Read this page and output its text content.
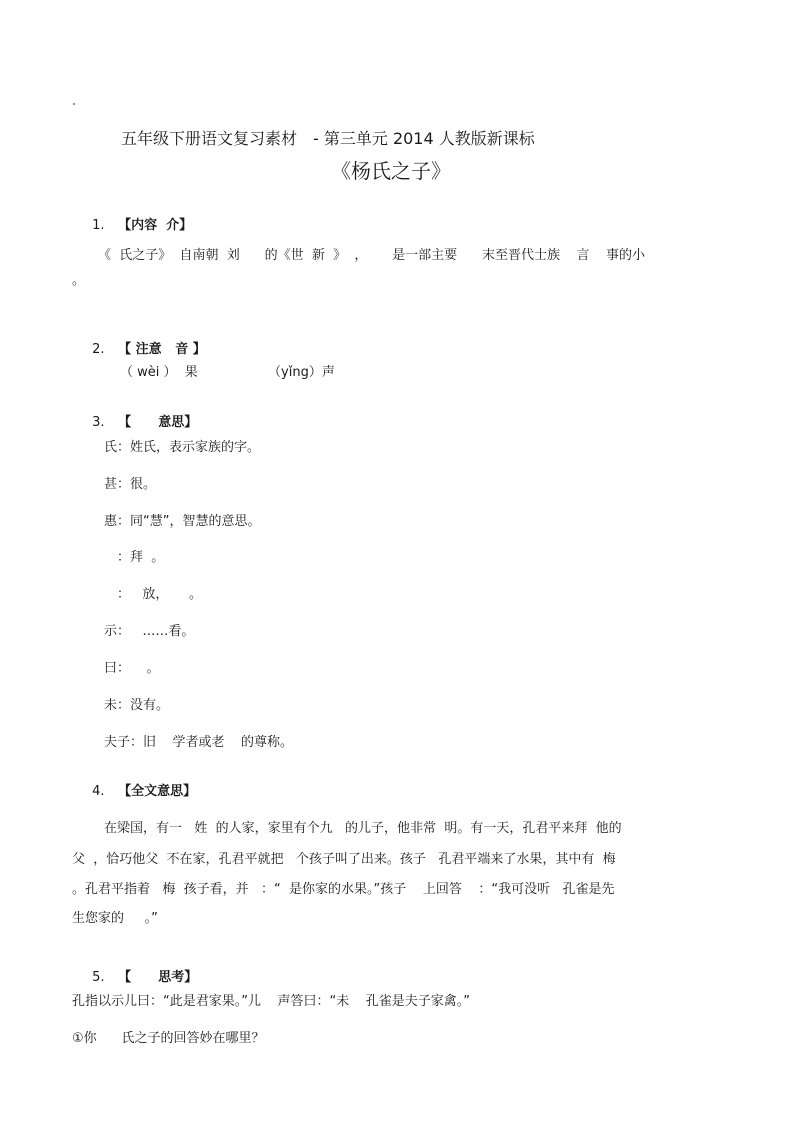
五年级下册语文复习素材　- 第三单元 2014 人教版新课标
《杨氏之子》

1. 【内容  介】

《  氏之子》  自南朝  刘      的《世  新  》  ，      是一部主要      末至晋代士族    言    事的小
。

2. 【 注意   音 】

（ wèi ）  果                 （yǐng）声

3. 【      意思】

氏：姓氏，表示家族的字。
甚：很。
惠：同“慧”，智慧的意思。
：拜  。
：   放，     。
示：   ……看。
曰：    。
未：没有。
夫子：旧    学者或老    的尊称。

4. 【全文意思】

在梁国，有一   姓  的人家，家里有个九   的儿子，他非常  明。有一天，孔君平来拜  他的
父  ，恰巧他父  不在家，孔君平就把   个孩子叫了出来。孩子   孔君平端来了水果，其中有  梅
。孔君平指着   梅  孩子看，并   ：“  是你家的水果。”孩子    上回答    ：“我可没听   孔雀是先
生您家的     。”

5. 【      思考】

孔指以示儿曰：“此是君家果。”儿    声答曰：“未    孔雀是夫子家禽。”
①你      氏之子的回答妙在哪里？
